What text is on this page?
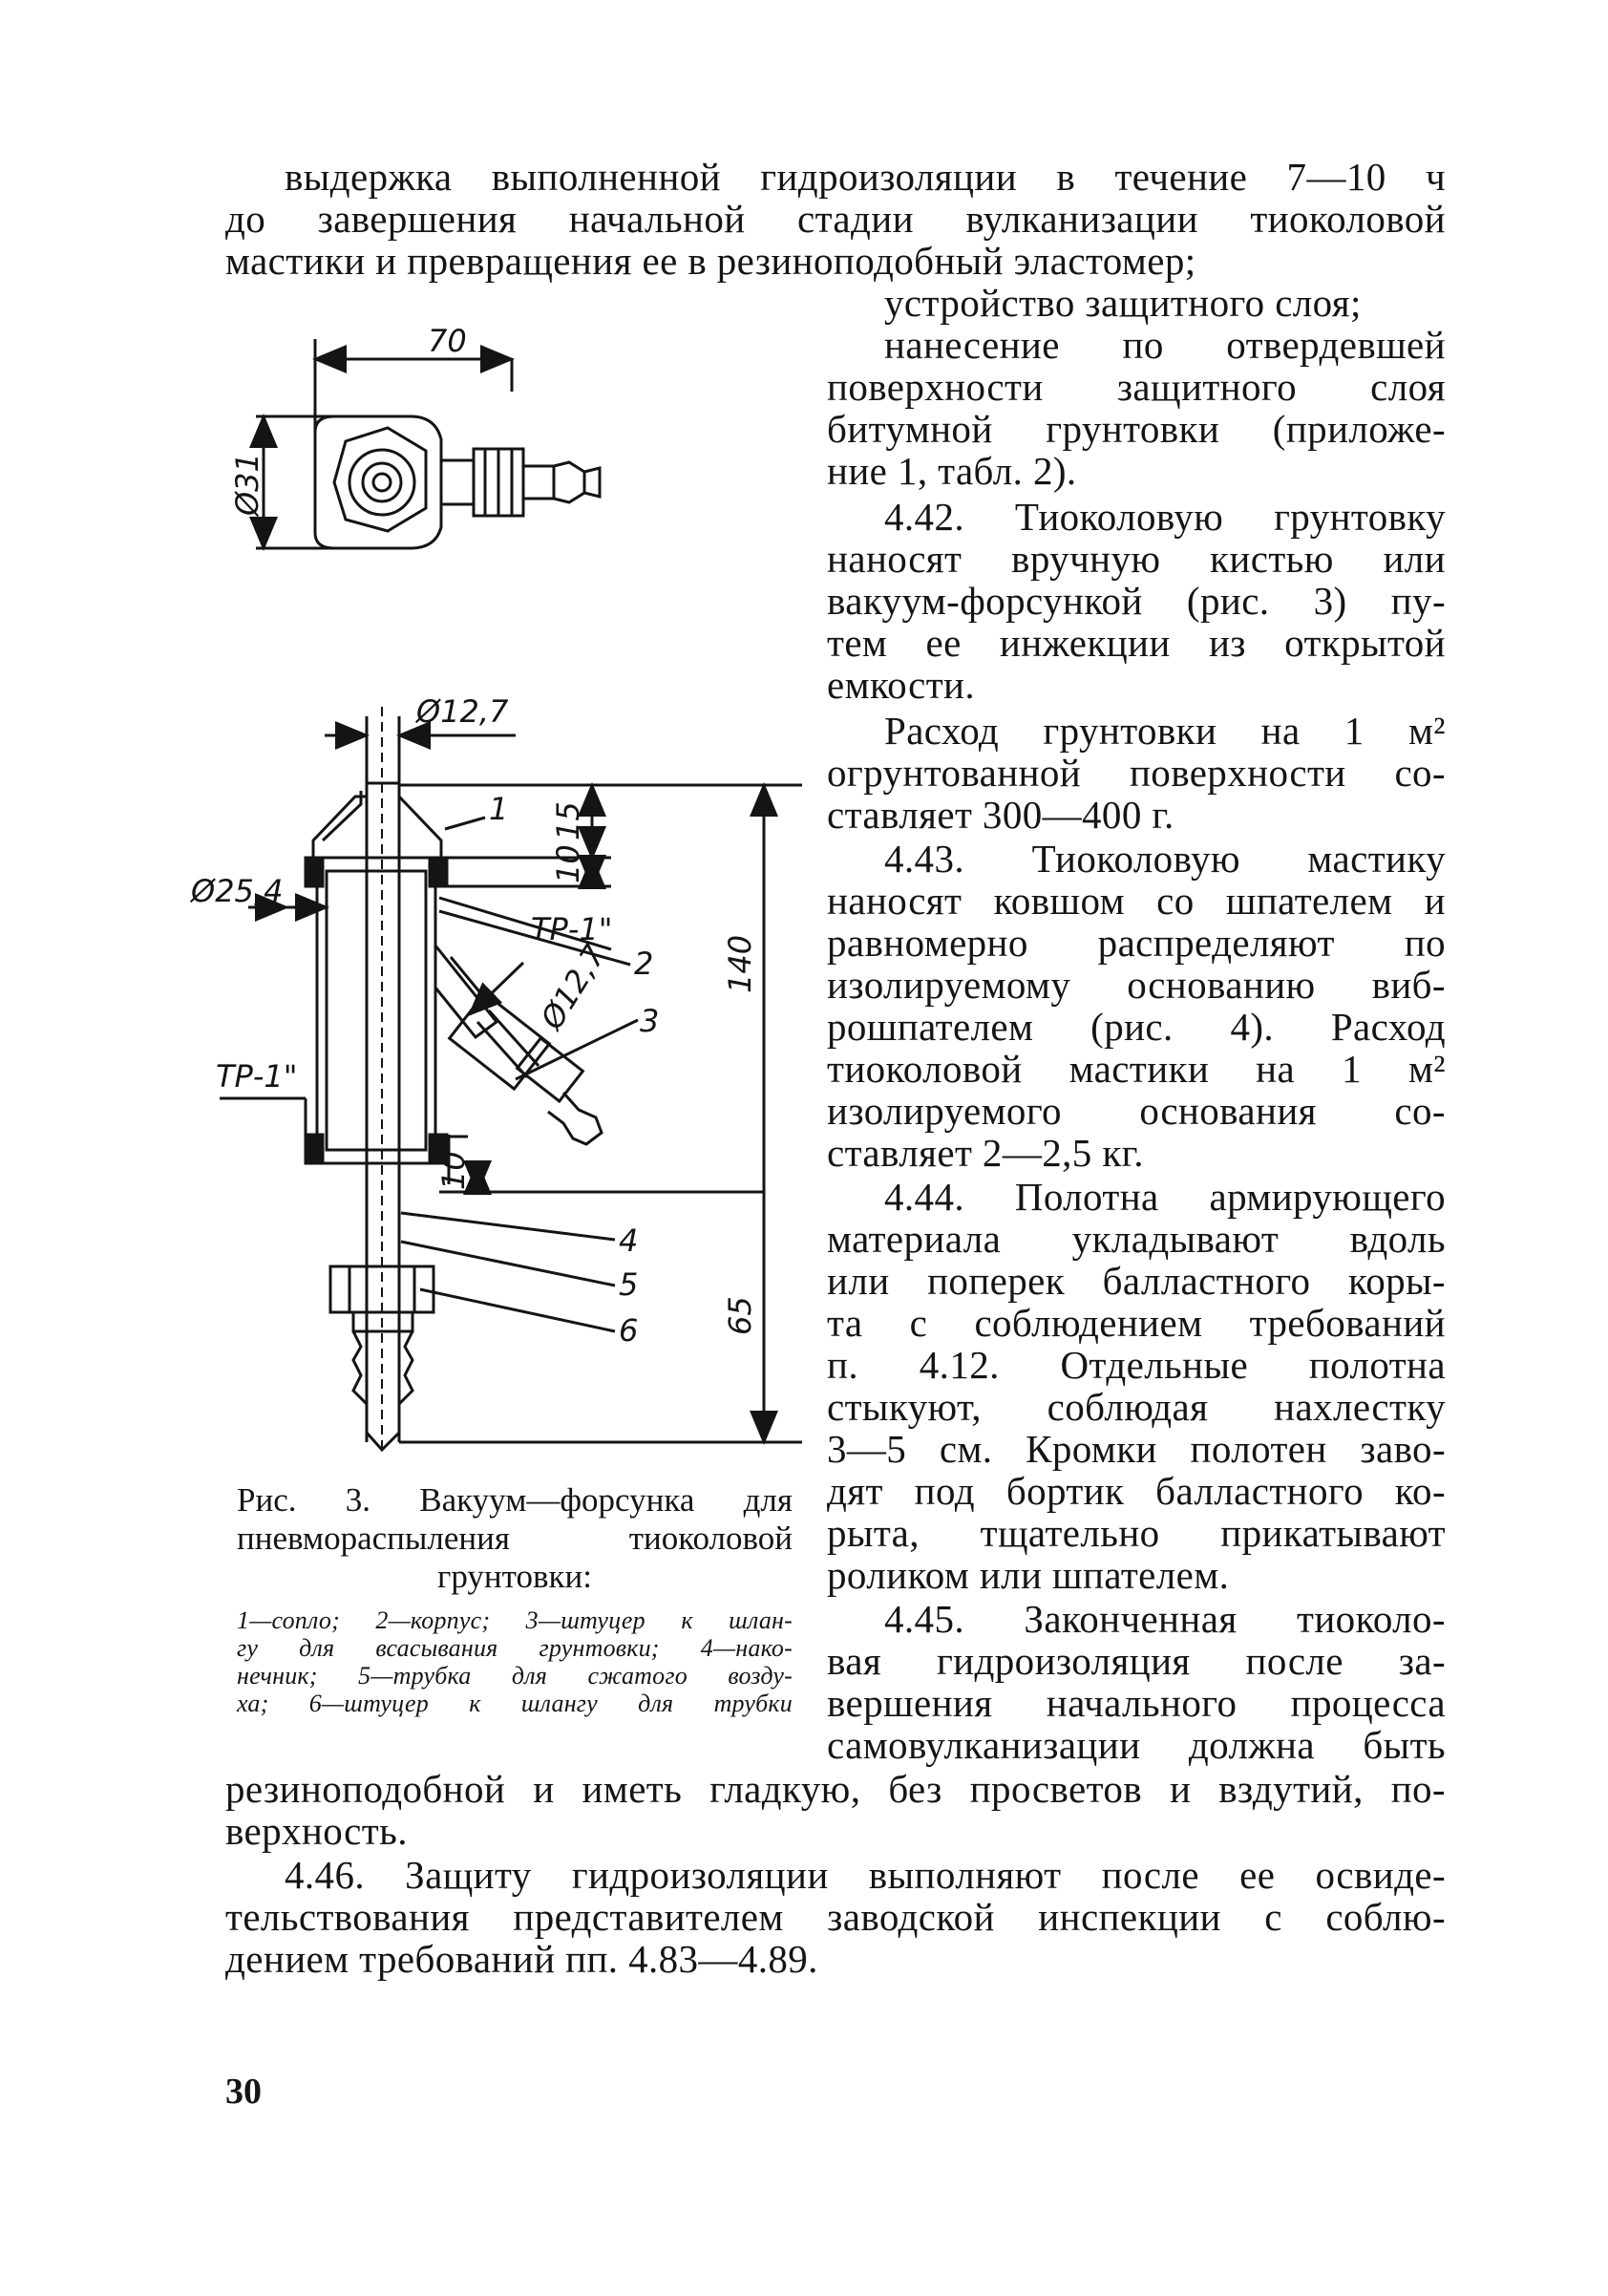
выдержка выполненной гидроизоляции в течение 7—10 ч
до завершения начальной стадии вулканизации тиоколовой
мастики и превращения ее в резиноподобный эластомер;
устройство защитного слоя;
нанесение по отвердевшей
поверхности защитного слоя
битумной грунтовки (приложе-
ние 1, табл. 2).
4.42. Тиоколовую грунтовку
наносят вручную кистью или
вакуум-форсункой (рис. 3) пу-
тем ее инжекции из открытой
емкости.
Расход грунтовки на 1 м²
огрунтованной поверхности со-
ставляет 300—400 г.
4.43. Тиоколовую мастику
наносят ковшом со шпателем и
равномерно распределяют по
изолируемому основанию виб-
рошпателем (рис. 4). Расход
тиоколовой мастики на 1 м²
изолируемого основания со-
ставляет 2—2,5 кг.
4.44. Полотна армирующего
материала укладывают вдоль
или поперек балластного коры-
та с соблюдением требований
п. 4.12. Отдельные полотна
стыкуют, соблюдая нахлестку
3—5 см. Кромки полотен заво-
дят под бортик балластного ко-
рыта, тщательно прикатывают
роликом или шпателем.
4.45. Законченная тиоколо-
вая гидроизоляция после за-
вершения начального процесса
самовулканизации должна быть
резиноподобной и иметь гладкую, без просветов и вздутий, по-
верхность.
4.46. Защиту гидроизоляции выполняют после ее освиде-
тельствования представителем заводской инспекции с соблю-
дением требований пп. 4.83—4.89.
Рис. 3. Вакуум—форсунка для
пневмораспыления тиоколовой
грунтовки:
1—сопло; 2—корпус; 3—штуцер к шлан-
гу для всасывания грунтовки; 4—нако-
нечник; 5—трубка для сжатого возду-
ха; 6—штуцер к шлангу для трубки
30
70
Ø31
Ø12,7
Ø25,4
ТР-1"
ТР-1"
Ø12,7
15
10
140
10
65
1
2
3
4
5
6
